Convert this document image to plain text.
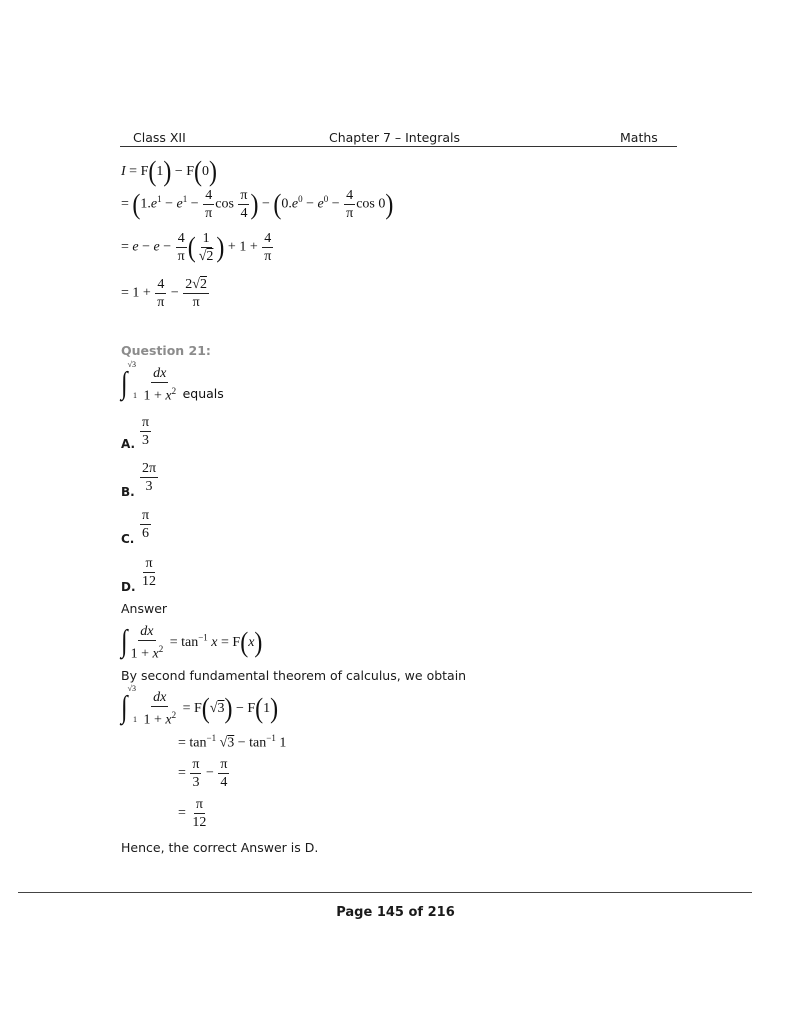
Class XII	Chapter 7 – Integrals	Maths
I = F(1) − F(0)
= ($1.e^1 - e^1 - \frac{4}{\pi}$ $\cos \frac{\pi}{4}$ ) − ($0.e^0 - e^0 - \frac{4}{\pi}$ cos 0)
= $e - e - \frac{4}{\pi}$ ( $\frac{1}{√2}$ ) + $1 + \frac{4}{\pi}$
= $1 + \frac{4}{\pi} - \frac{2√2}{\pi}$
Question 21:
$\int^{√3}_1 \frac{dx}{1 + x^2}$ equals
A. $\frac{\pi}{3}$
B. $\frac{2\pi}{3}$
C. $\frac{\pi}{6}$
D. $\frac{\pi}{12}$
Answer
∫ $\frac{dx}{1 + x^2} = \tan^{-1} x = F(x)$
By second fundamental theorem of calculus, we obtain
$\int^{√3}_1 \frac{dx}{1 + x^2} = F(√3) - F(1)$
= $\tan^{-1} √3 - \tan^{-1} 1$
= $\frac{\pi}{3} - \frac{\pi}{4}$
= $\frac{\pi}{12}$
Hence, the correct Answer is D.
Page 145 of 216
